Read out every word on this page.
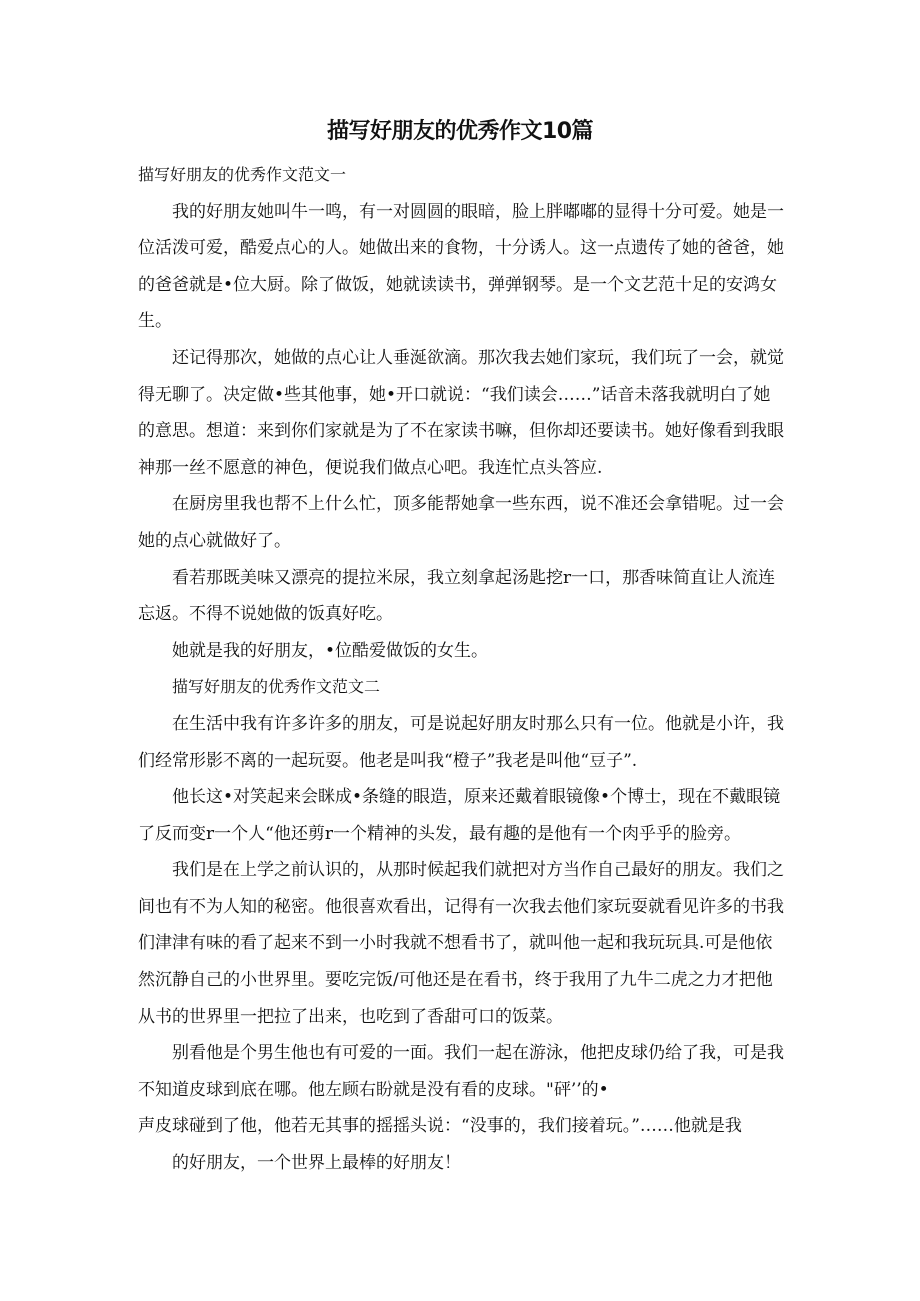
描写好朋友的优秀作文10篇

描写好朋友的优秀作文范文一

我的好朋友她叫牛一鸣，有一对圆圆的眼暗，脸上胖嘟嘟的显得十分可爱。她是一位活泼可爱，酷爱点心的人。她做出来的食物，十分诱人。这一点遗传了她的爸爸，她的爸爸就是•位大厨。除了做饭，她就读读书，弹弹钢琴。是一个文艺范十足的安鸿女生。

还记得那次，她做的点心让人垂涎欲滴。那次我去她们家玩，我们玩了一会，就觉得无聊了。决定做•些其他事，她•开口就说：“我们读会……”话音未落我就明白了她的意思。想道：来到你们家就是为了不在家读书嘛，但你却还要读书。她好像看到我眼神那一丝不愿意的神色，便说我们做点心吧。我连忙点头答应.

在厨房里我也帮不上什么忙，顶多能帮她拿一些东西，说不准还会拿错呢。过一会她的点心就做好了。

看若那既美味又漂亮的提拉米尿，我立刻拿起汤匙挖r一口，那香味简直让人流连忘返。不得不说她做的饭真好吃。

她就是我的好朋友，•位酷爱做饭的女生。

描写好朋友的优秀作文范文二

在生活中我有许多许多的朋友，可是说起好朋友时那么只有一位。他就是小许，我们经常形影不离的一起玩耍。他老是叫我“橙子”我老是叫他“豆子”.

他长这•对笑起来会眯成•条缝的眼造，原来还戴着眼镜像•个博士，现在不戴眼镜了反而变r一个人“他还剪r一个精神的头发，最有趣的是他有一个肉乎乎的脸旁。

我们是在上学之前认识的，从那时候起我们就把对方当作自己最好的朋友。我们之间也有不为人知的秘密。他很喜欢看出，记得有一次我去他们家玩耍就看见许多的书我们津津有味的看了起来不到一小时我就不想看书了，就叫他一起和我玩玩具.可是他依然沉静自己的小世界里。要吃完饭/可他还是在看书，终于我用了九牛二虎之力才把他从书的世界里一把拉了出来，也吃到了香甜可口的饭菜。

别看他是个男生他也有可爱的一面。我们一起在游泳，他把皮球仍给了我，可是我不知道皮球到底在哪。他左顾右盼就是没有看的皮球。"砰’’的•

声皮球碰到了他，他若无其事的摇摇头说：“没事的，我们接着玩。”……他就是我

的好朋友，一个世界上最棒的好朋友！
